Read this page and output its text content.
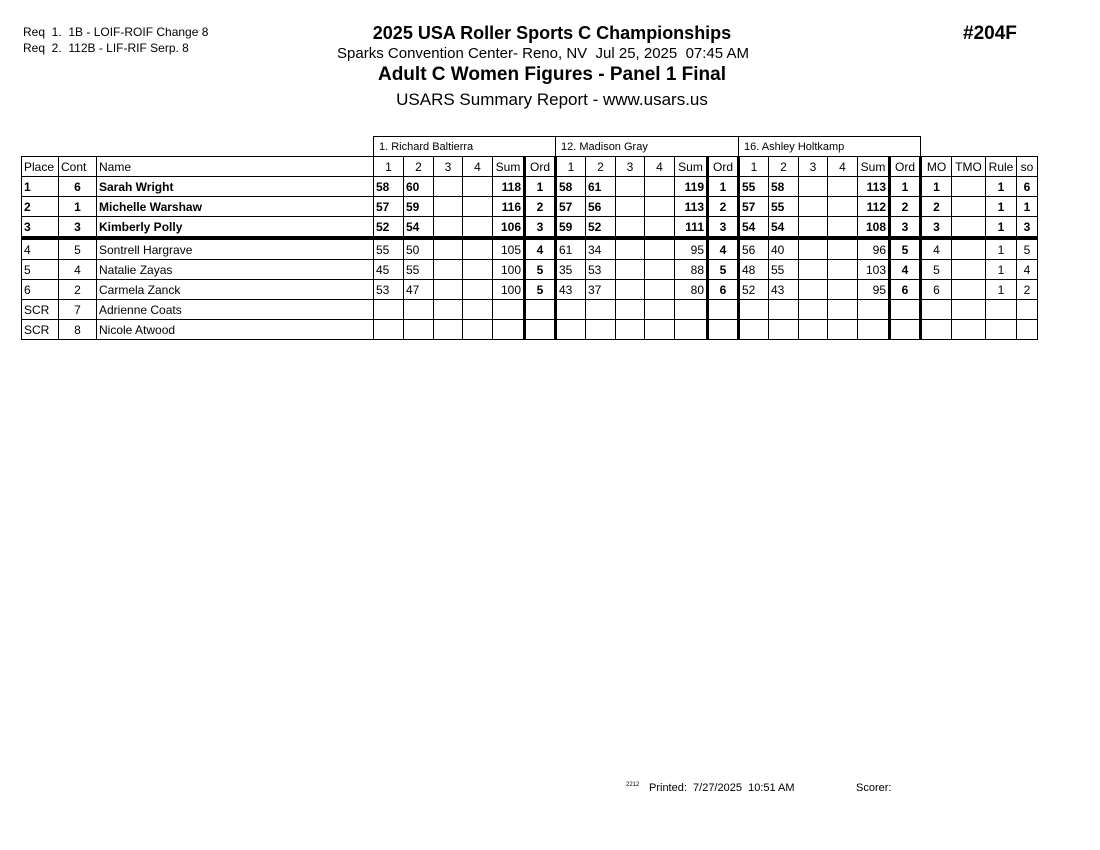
Req  1.  1B - LOIF-ROIF Change 8
Req  2.  112B - LIF-RIF Serp. 8
#204F
2025 USA Roller Sports C Championships
Sparks Convention Center- Reno, NV  Jul 25, 2025  07:45 AM
Adult C Women Figures - Panel 1 Final
USARS Summary Report - www.usars.us
			1. Richard Baltierra						12. Madison Gray						16. Ashley Holtkamp									
Place	Cont	Name	1	2	3	4	Sum	Ord	1	2	3	4	Sum	Ord	1	2	3	4	Sum	Ord	MO	TMO	Rule	so
1	6	Sarah Wright	58	60			118	1	58	61			119	1	55	58			113	1	1		1	6
2	1	Michelle Warshaw	57	59			116	2	57	56			113	2	57	55			112	2	2		1	1
3	3	Kimberly Polly	52	54			106	3	59	52			111	3	54	54			108	3	3		1	3
4	5	Sontrell Hargrave	55	50			105	4	61	34			95	4	56	40			96	5	4		1	5
5	4	Natalie Zayas	45	55			100	5	35	53			88	5	48	55			103	4	5		1	4
6	2	Carmela Zanck	53	47			100	5	43	37			80	6	52	43			95	6	6		1	2
SCR	7	Adrienne Coats																						
SCR	8	Nicole Atwood																						
2212 Printed:  7/27/2025  10:51 AM	Scorer:
